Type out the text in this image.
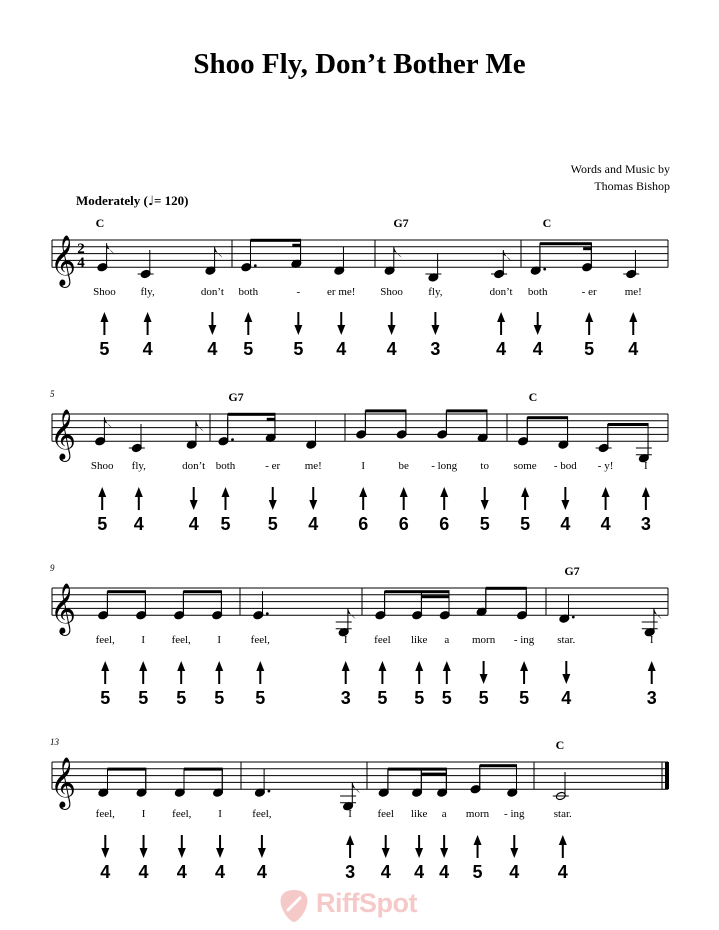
Shoo Fly, Don’t Bother Me
Words and Music by
Thomas Bishop
Moderately (♩= 120)
𝄞 2
4
C	G7	C
Shoo
5
fly,
4
don’t
4
both
5
-
5
er me!
4
Shoo
4
fly,
3
don’t
4
both
4
- er
5
me!
4
𝄞
5	G7	C
Shoo
5
fly,
4
don’t
4
both
5
- er
5
me!
4
I
6
be
6
- long
6
to
5
some
5
- bod
4
- y!
4
I
3
𝄞
9	G7
feel,
5
I
5
feel,
5
I
5
feel,
5
I
3
feel
5
like
5
a
5
morn
5
- ing
5
star.
4
I
3
𝄞
13	C
feel,
4
I
4
feel,
4
I
4
feel,
4
I
3
feel
4
like
4
a
4
morn
5
- ing
4
star.
4
RiffSpot
